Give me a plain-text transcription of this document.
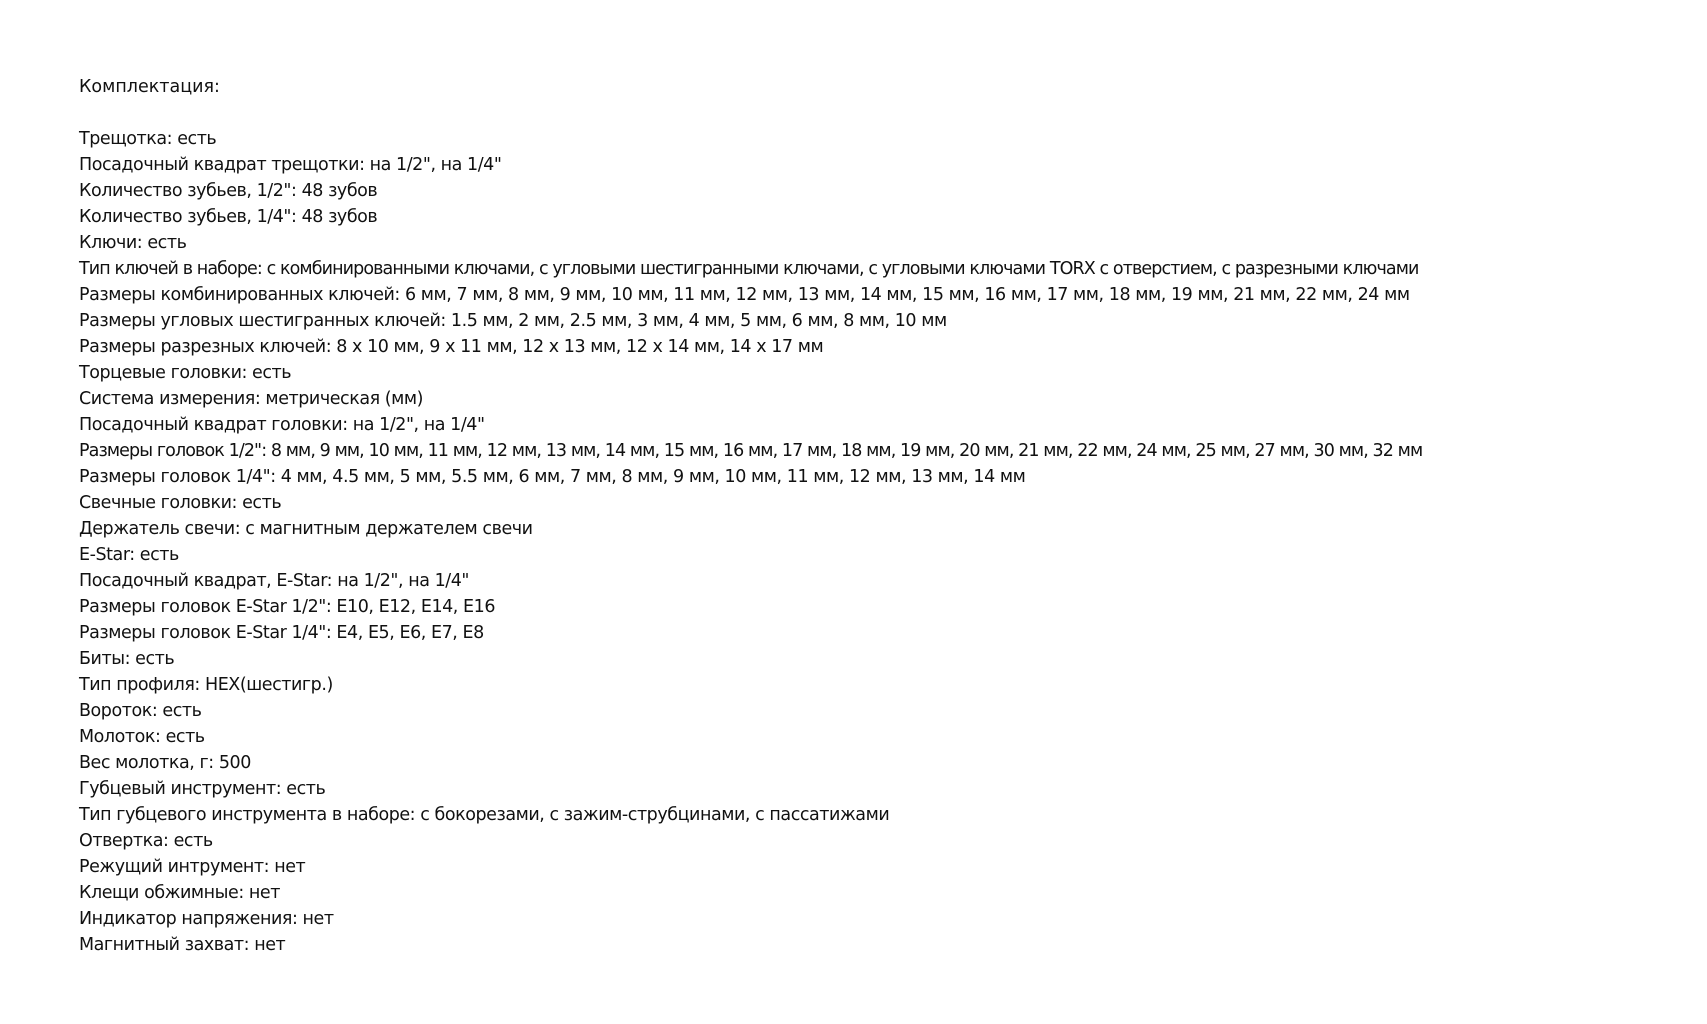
Комплектация:
Трещотка: есть
Посадочный квадрат трещотки: на 1/2", на 1/4"
Количество зубьев, 1/2": 48 зубов
Количество зубьев, 1/4": 48 зубов
Ключи: есть
Тип ключей в наборе: с комбинированными ключами, с угловыми шестигранными ключами, с угловыми ключами TORX с отверстием, с разрезными ключами
Размеры комбинированных ключей: 6 мм, 7 мм, 8 мм, 9 мм, 10 мм, 11 мм, 12 мм, 13 мм, 14 мм, 15 мм, 16 мм, 17 мм, 18 мм, 19 мм, 21 мм, 22 мм, 24 мм
Размеры угловых шестигранных ключей: 1.5 мм, 2 мм, 2.5 мм, 3 мм, 4 мм, 5 мм, 6 мм, 8 мм, 10 мм
Размеры разрезных ключей: 8 x 10 мм, 9 x 11 мм, 12 x 13 мм, 12 x 14 мм, 14 x 17 мм
Торцевые головки: есть
Система измерения: метрическая (мм)
Посадочный квадрат головки: на 1/2", на 1/4"
Размеры головок 1/2": 8 мм, 9 мм, 10 мм, 11 мм, 12 мм, 13 мм, 14 мм, 15 мм, 16 мм, 17 мм, 18 мм, 19 мм, 20 мм, 21 мм, 22 мм, 24 мм, 25 мм, 27 мм, 30 мм, 32 мм
Размеры головок 1/4": 4 мм, 4.5 мм, 5 мм, 5.5 мм, 6 мм, 7 мм, 8 мм, 9 мм, 10 мм, 11 мм, 12 мм, 13 мм, 14 мм
Свечные головки: есть
Держатель свечи: с магнитным держателем свечи
E-Star: есть
Посадочный квадрат, E-Star: на 1/2", на 1/4"
Размеры головок E-Star 1/2": E10, E12, E14, E16
Размеры головок E-Star 1/4": E4, E5, E6, E7, E8
Биты: есть
Тип профиля: HEX(шестигр.)
Вороток: есть
Молоток: есть
Вес молотка, г: 500
Губцевый инструмент: есть
Тип губцевого инструмента в наборе: с бокорезами, с зажим-струбцинами, с пассатижами
Отвертка: есть
Режущий интрумент: нет
Клещи обжимные: нет
Индикатор напряжения: нет
Магнитный захват: нет
